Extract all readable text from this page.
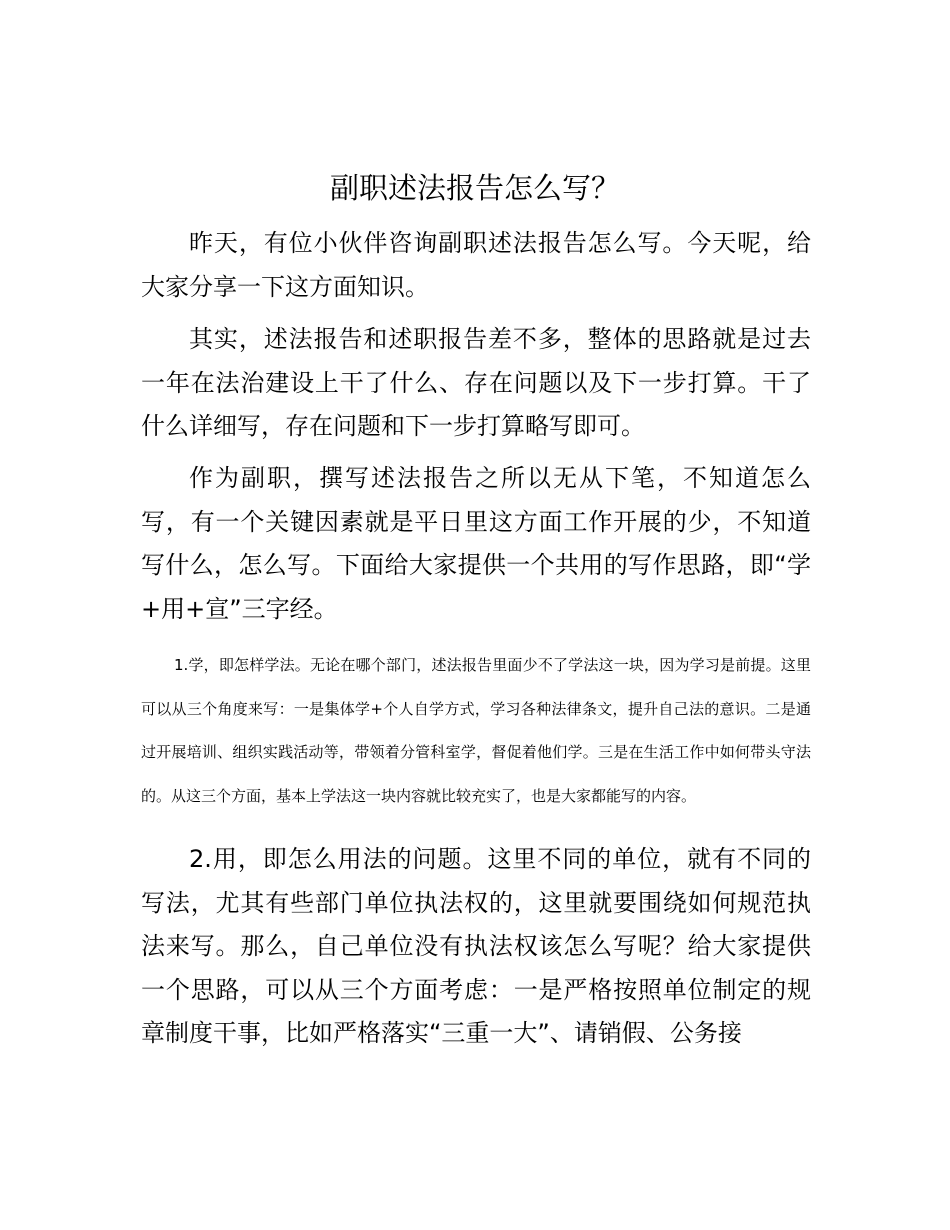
副职述法报告怎么写？

昨天，有位小伙伴咨询副职述法报告怎么写。今天呢，给大家分享一下这方面知识。

其实，述法报告和述职报告差不多，整体的思路就是过去一年在法治建设上干了什么、存在问题以及下一步打算。干了什么详细写，存在问题和下一步打算略写即可。

作为副职，撰写述法报告之所以无从下笔，不知道怎么写，有一个关键因素就是平日里这方面工作开展的少，不知道写什么，怎么写。下面给大家提供一个共用的写作思路，即“学+用+宣”三字经。

1.学，即怎样学法。无论在哪个部门，述法报告里面少不了学法这一块，因为学习是前提。这里可以从三个角度来写：一是集体学+个人自学方式，学习各种法律条文，提升自己法的意识。二是通过开展培训、组织实践活动等，带领着分管科室学，督促着他们学。三是在生活工作中如何带头守法的。从这三个方面，基本上学法这一块内容就比较充实了，也是大家都能写的内容。

2.用，即怎么用法的问题。这里不同的单位，就有不同的写法，尤其有些部门单位执法权的，这里就要围绕如何规范执法来写。那么，自己单位没有执法权该怎么写呢？给大家提供一个思路，可以从三个方面考虑：一是严格按照单位制定的规章制度干事，比如严格落实“三重一大”、请销假、公务接
